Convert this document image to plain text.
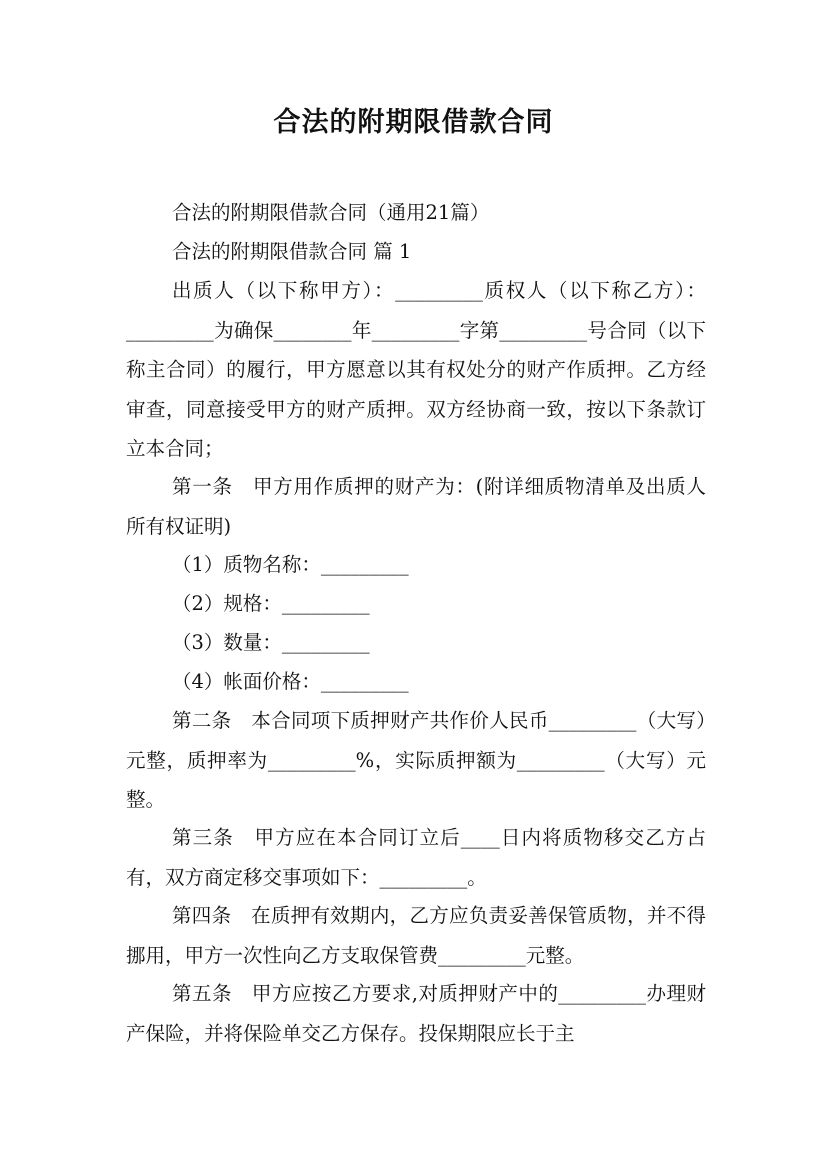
合法的附期限借款合同
合法的附期限借款合同（通用21篇）
合法的附期限借款合同 篇 1
出质人（以下称甲方）：_________质权人（以下称乙方）：_________为确保________年_________字第_________号合同（以下称主合同）的履行，甲方愿意以其有权处分的财产作质押。乙方经审查，同意接受甲方的财产质押。双方经协商一致，按以下条款订立本合同；
第一条　甲方用作质押的财产为：(附详细质物清单及出质人所有权证明)
（1）质物名称：_________
（2）规格：_________
（3）数量：_________
（4）帐面价格：_________
第二条　本合同项下质押财产共作价人民币_________（大写）元整，质押率为_________%，实际质押额为_________（大写）元整。
第三条　甲方应在本合同订立后____日内将质物移交乙方占有，双方商定移交事项如下：_________。
第四条　在质押有效期内，乙方应负责妥善保管质物，并不得挪用，甲方一次性向乙方支取保管费_________元整。
第五条　甲方应按乙方要求,对质押财产中的_________办理财产保险，并将保险单交乙方保存。投保期限应长于主
